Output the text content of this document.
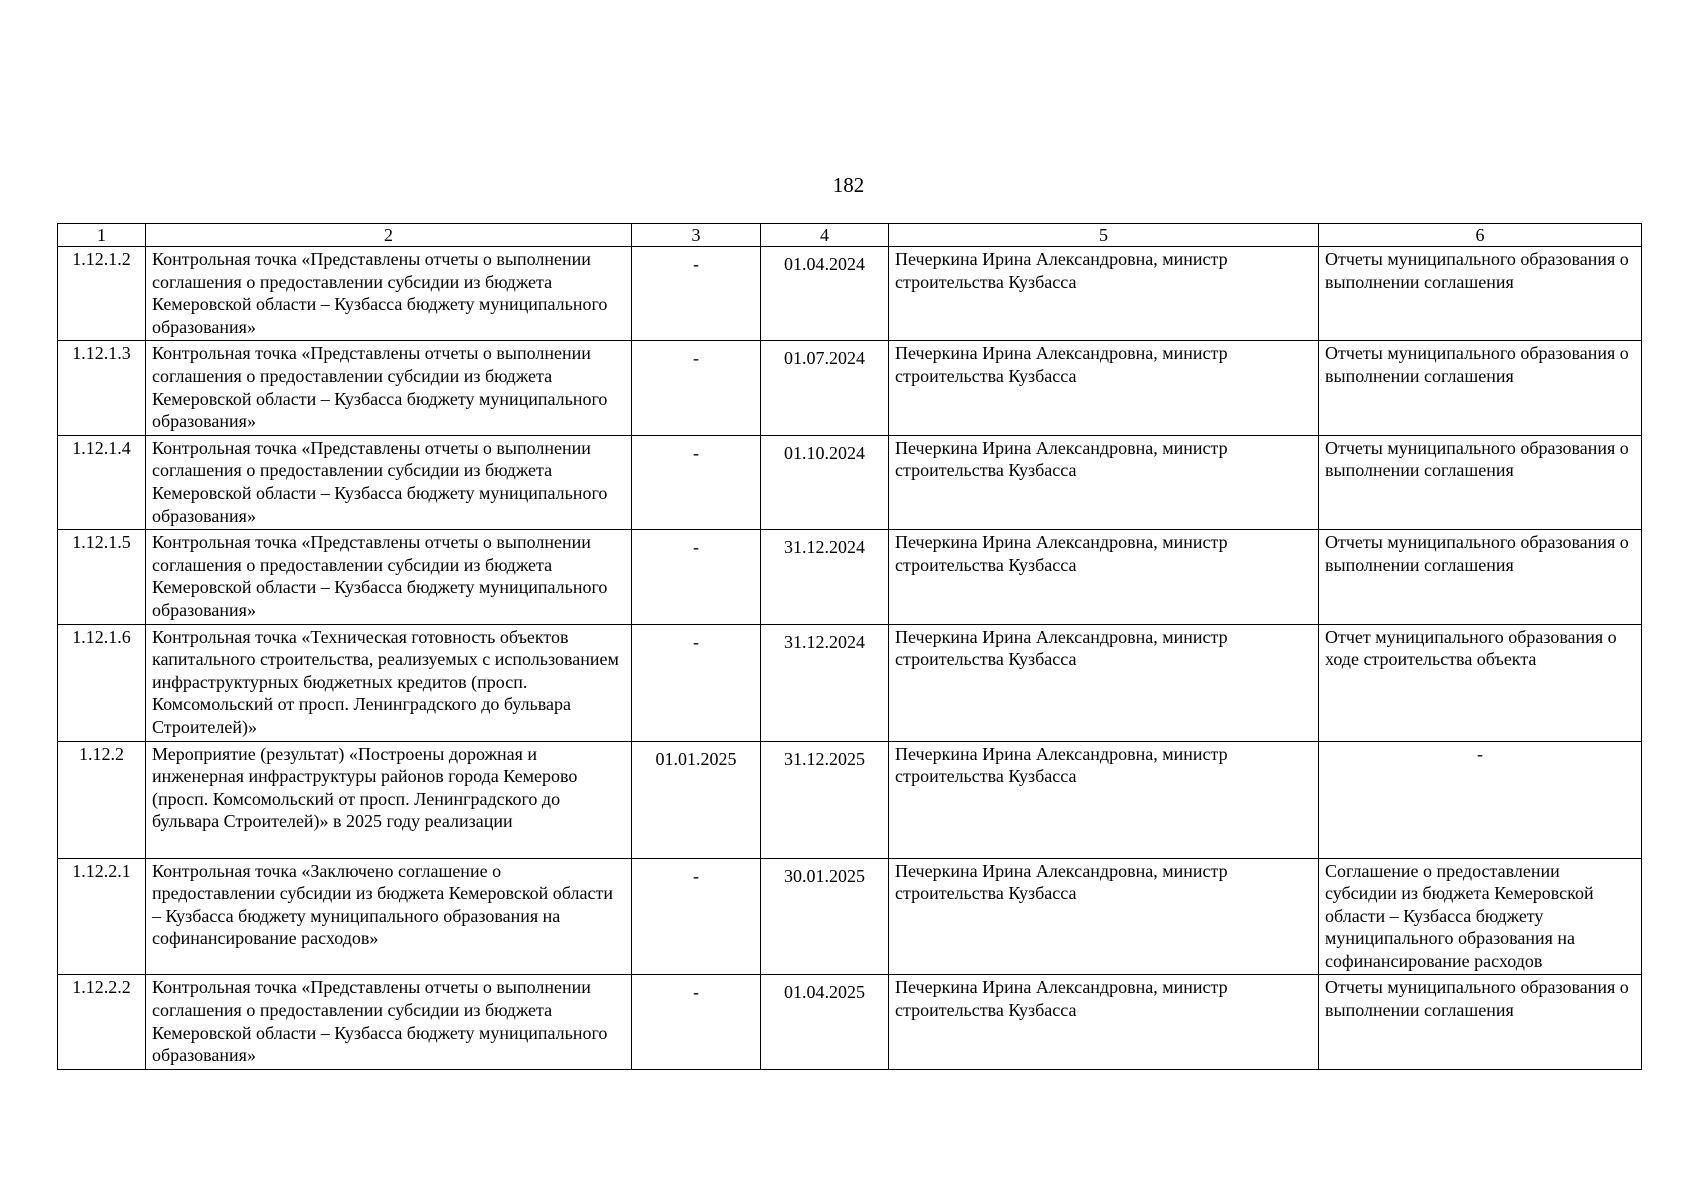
182
1	2	3	4	5	6
1.12.1.2	Контрольная точка «Представлены отчеты о выполнении соглашения о предоставлении субсидии из бюджета Кемеровской области – Кузбасса бюджету муниципального образования»	-	01.04.2024	Печеркина Ирина Александровна, министр строительства Кузбасса	Отчеты муниципального образования о выполнении соглашения
1.12.1.3	Контрольная точка «Представлены отчеты о выполнении соглашения о предоставлении субсидии из бюджета Кемеровской области – Кузбасса бюджету муниципального образования»	-	01.07.2024	Печеркина Ирина Александровна, министр строительства Кузбасса	Отчеты муниципального образования о выполнении соглашения
1.12.1.4	Контрольная точка «Представлены отчеты о выполнении соглашения о предоставлении субсидии из бюджета Кемеровской области – Кузбасса бюджету муниципального образования»	-	01.10.2024	Печеркина Ирина Александровна, министр строительства Кузбасса	Отчеты муниципального образования о выполнении соглашения
1.12.1.5	Контрольная точка «Представлены отчеты о выполнении соглашения о предоставлении субсидии из бюджета Кемеровской области – Кузбасса бюджету муниципального образования»	-	31.12.2024	Печеркина Ирина Александровна, министр строительства Кузбасса	Отчеты муниципального образования о выполнении соглашения
1.12.1.6	Контрольная точка «Техническая готовность объектов капитального строительства, реализуемых с использованием инфраструктурных бюджетных кредитов (просп. Комсомольский от просп. Ленинградского до бульвара Строителей)»	-	31.12.2024	Печеркина Ирина Александровна, министр строительства Кузбасса	Отчет муниципального образования о ходе строительства объекта
1.12.2	Мероприятие (результат) «Построены дорожная и инженерная инфраструктуры районов города Кемерово (просп. Комсомольский от просп. Ленинградского до бульвара Строителей)» в 2025 году реализации	01.01.2025	31.12.2025	Печеркина Ирина Александровна, министр строительства Кузбасса	-
1.12.2.1	Контрольная точка «Заключено соглашение о предоставлении субсидии из бюджета Кемеровской области – Кузбасса бюджету муниципального образования на софинансирование расходов»	-	30.01.2025	Печеркина Ирина Александровна, министр строительства Кузбасса	Соглашение о предоставлении субсидии из бюджета Кемеровской области – Кузбасса бюджету муниципального образования на софинансирование расходов
1.12.2.2	Контрольная точка «Представлены отчеты о выполнении соглашения о предоставлении субсидии из бюджета Кемеровской области – Кузбасса бюджету муниципального образования»	-	01.04.2025	Печеркина Ирина Александровна, министр строительства Кузбасса	Отчеты муниципального образования о выполнении соглашения
